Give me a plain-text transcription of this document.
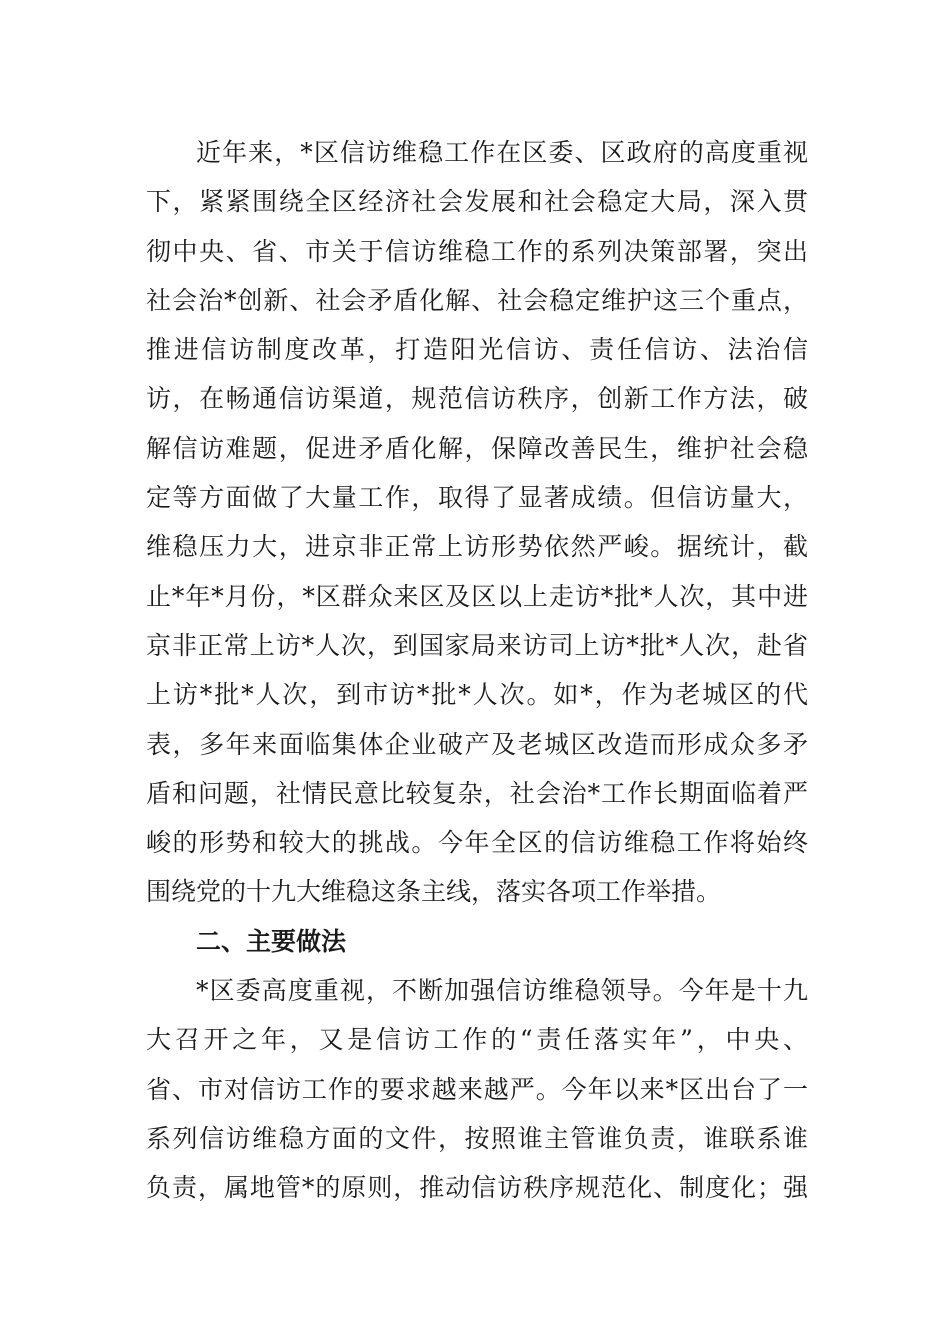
近年来，*区信访维稳工作在区委、区政府的高度重视
下，紧紧围绕全区经济社会发展和社会稳定大局，深入贯
彻中央、省、市关于信访维稳工作的系列决策部署，突出
社会治*创新、社会矛盾化解、社会稳定维护这三个重点，
推进信访制度改革，打造阳光信访、责任信访、法治信
访，在畅通信访渠道，规范信访秩序，创新工作方法，破
解信访难题，促进矛盾化解，保障改善民生，维护社会稳
定等方面做了大量工作，取得了显著成绩。但信访量大，
维稳压力大，进京非正常上访形势依然严峻。据统计，截
止*年*月份，*区群众来区及区以上走访*批*人次，其中进
京非正常上访*人次，到国家局来访司上访*批*人次，赴省
上访*批*人次，到市访*批*人次。如*，作为老城区的代
表，多年来面临集体企业破产及老城区改造而形成众多矛
盾和问题，社情民意比较复杂，社会治*工作长期面临着严
峻的形势和较大的挑战。今年全区的信访维稳工作将始终
围绕党的十九大维稳这条主线，落实各项工作举措。
二、主要做法
*区委高度重视，不断加强信访维稳领导。今年是十九
大召开之年，又是信访工作的“责任落实年”，中央、
省、市对信访工作的要求越来越严。今年以来*区出台了一
系列信访维稳方面的文件，按照谁主管谁负责，谁联系谁
负责，属地管*的原则，推动信访秩序规范化、制度化；强
